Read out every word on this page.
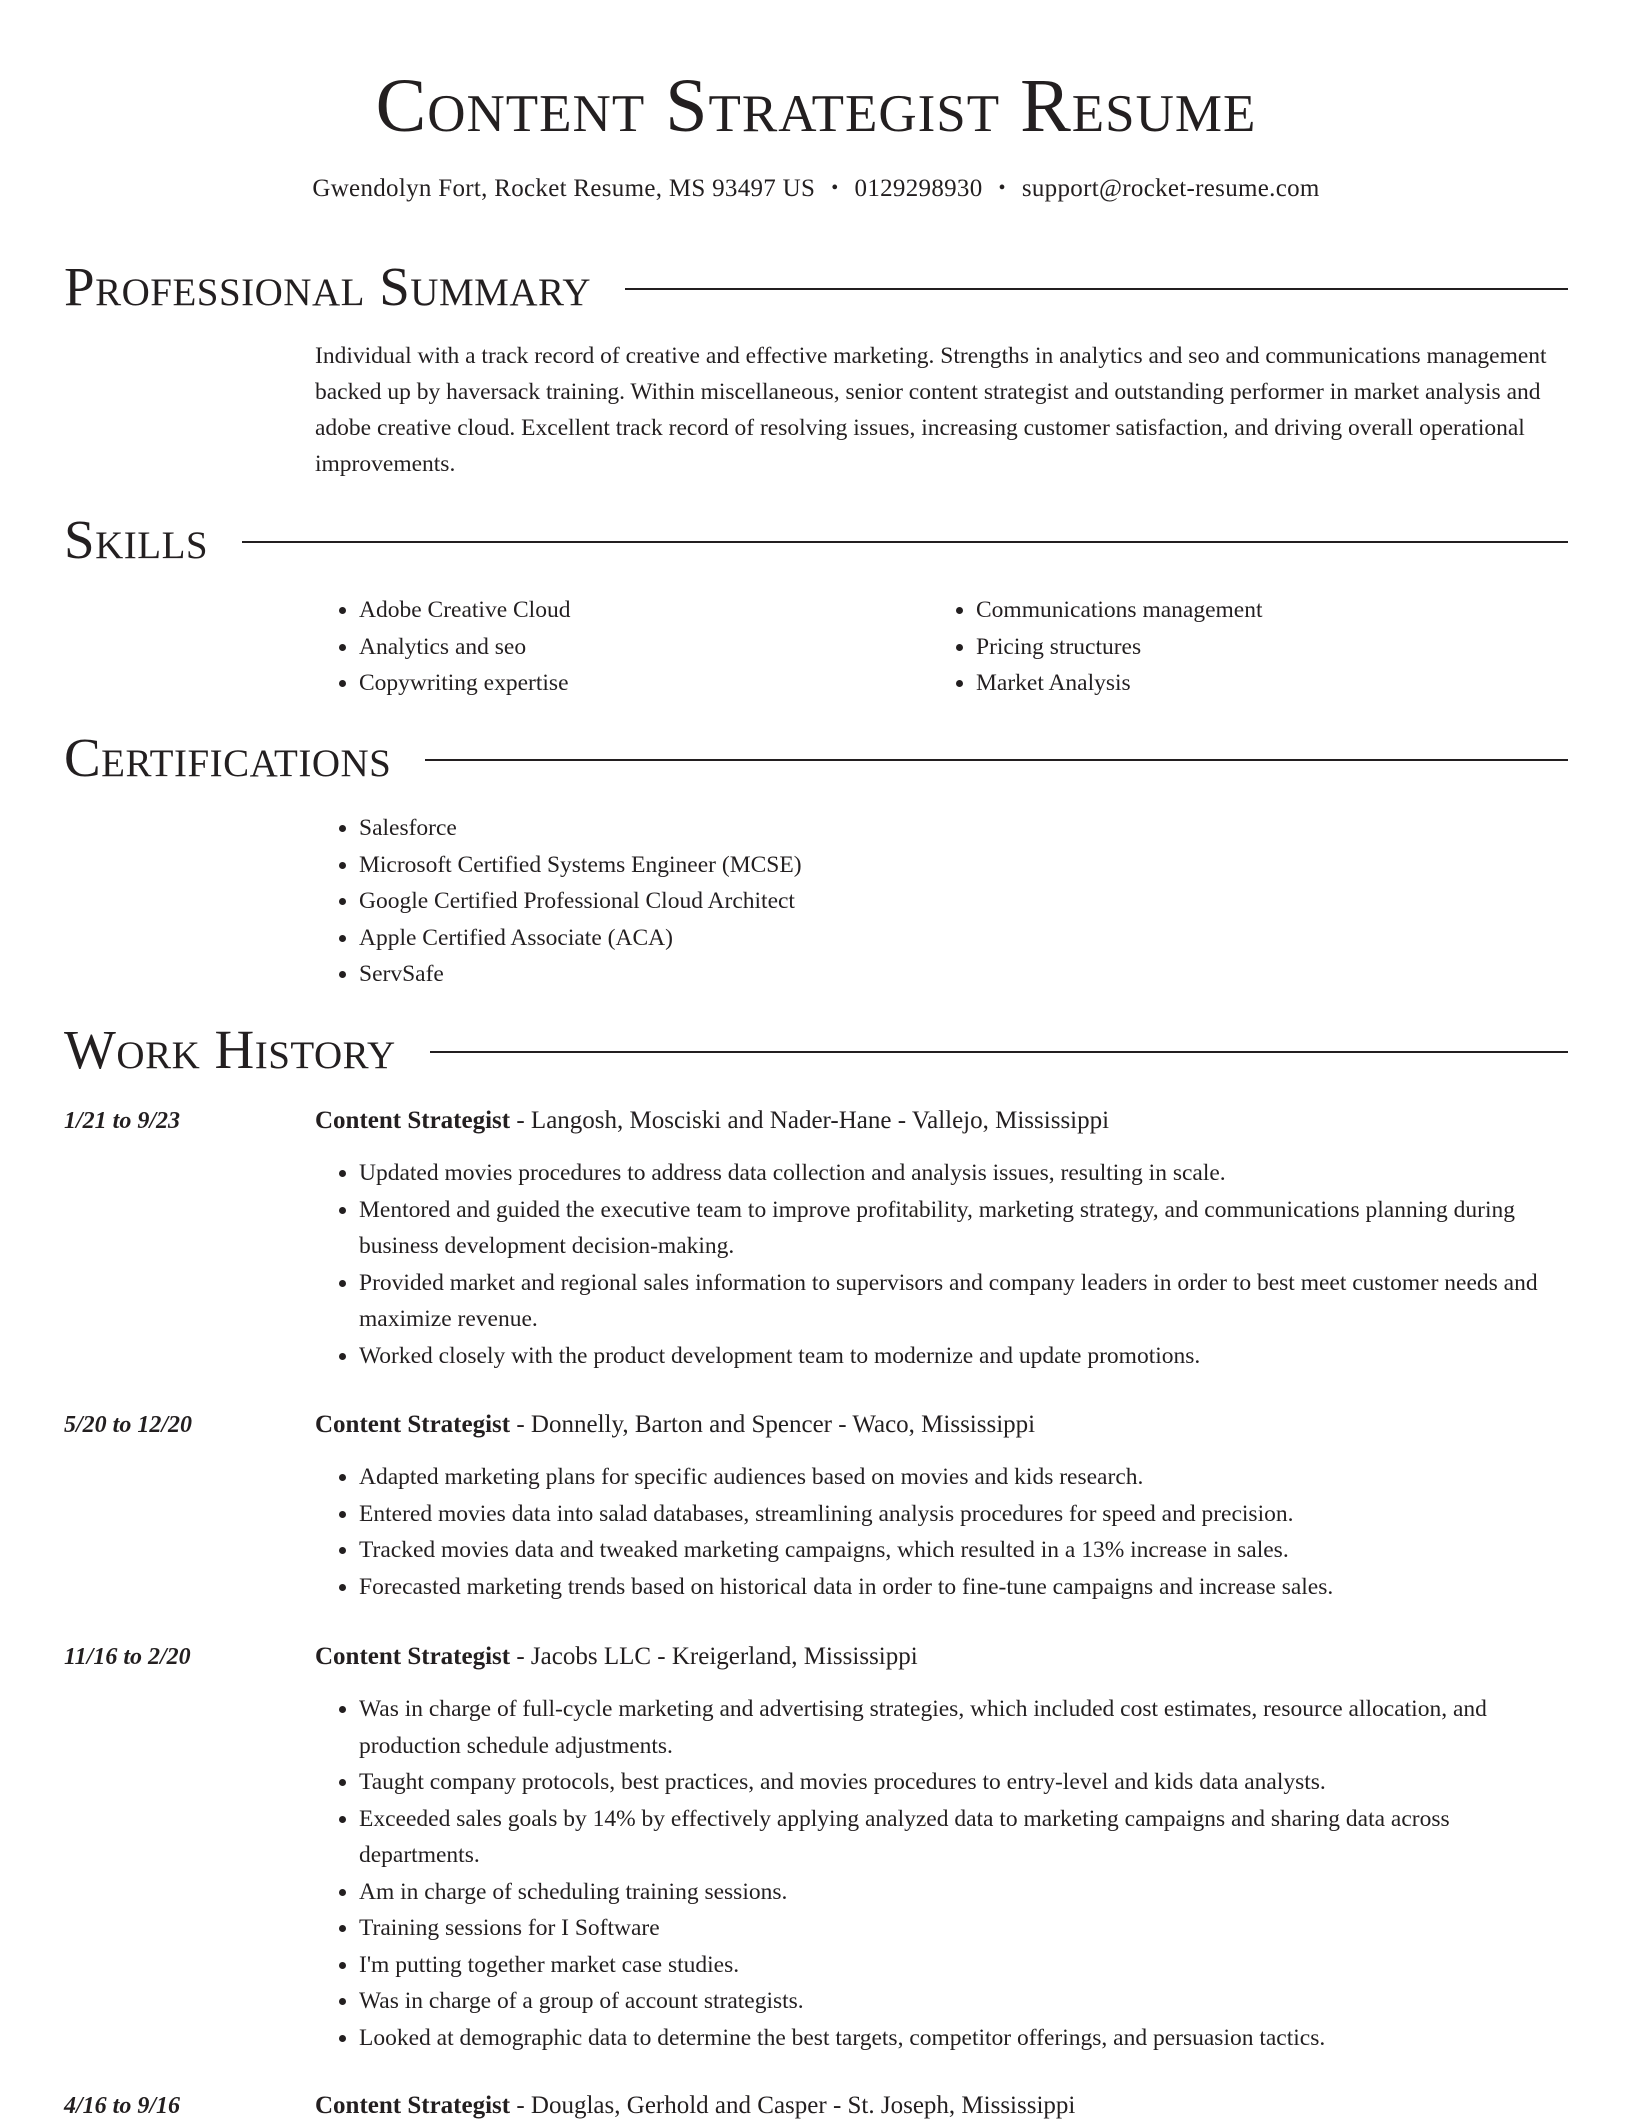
Content Strategist Resume
Gwendolyn Fort, Rocket Resume, MS 93497 US • 0129298930 • support@rocket-resume.com
Professional Summary

Individual with a track record of creative and effective marketing. Strengths in analytics and seo and communications management backed up by haversack training. Within miscellaneous, senior content strategist and outstanding performer in market analysis and adobe creative cloud. Excellent track record of resolving issues, increasing customer satisfaction, and driving overall operational improvements.

Skills
• Adobe Creative Cloud
• Analytics and seo
• Copywriting expertise
• Communications management
• Pricing structures
• Market Analysis
Certifications
• Salesforce
• Microsoft Certified Systems Engineer (MCSE)
• Google Certified Professional Cloud Architect
• Apple Certified Associate (ACA)
• ServSafe
Work History
1/21 to 9/23	Content Strategist - Langosh, Mosciski and Nader-Hane - Vallejo, Mississippi
• Updated movies procedures to address data collection and analysis issues, resulting in scale.
• Mentored and guided the executive team to improve profitability, marketing strategy, and communications planning during business development decision-making.
• Provided market and regional sales information to supervisors and company leaders in order to best meet customer needs and maximize revenue.
• Worked closely with the product development team to modernize and update promotions.
5/20 to 12/20	Content Strategist - Donnelly, Barton and Spencer - Waco, Mississippi
• Adapted marketing plans for specific audiences based on movies and kids research.
• Entered movies data into salad databases, streamlining analysis procedures for speed and precision.
• Tracked movies data and tweaked marketing campaigns, which resulted in a 13% increase in sales.
• Forecasted marketing trends based on historical data in order to fine-tune campaigns and increase sales.
11/16 to 2/20	Content Strategist - Jacobs LLC - Kreigerland, Mississippi
• Was in charge of full-cycle marketing and advertising strategies, which included cost estimates, resource allocation, and production schedule adjustments.
• Taught company protocols, best practices, and movies procedures to entry-level and kids data analysts.
• Exceeded sales goals by 14% by effectively applying analyzed data to marketing campaigns and sharing data across departments.
• Am in charge of scheduling training sessions.
• Training sessions for I Software
• I'm putting together market case studies.
• Was in charge of a group of account strategists.
• Looked at demographic data to determine the best targets, competitor offerings, and persuasion tactics.
4/16 to 9/16	Content Strategist - Douglas, Gerhold and Casper - St. Joseph, Mississippi
